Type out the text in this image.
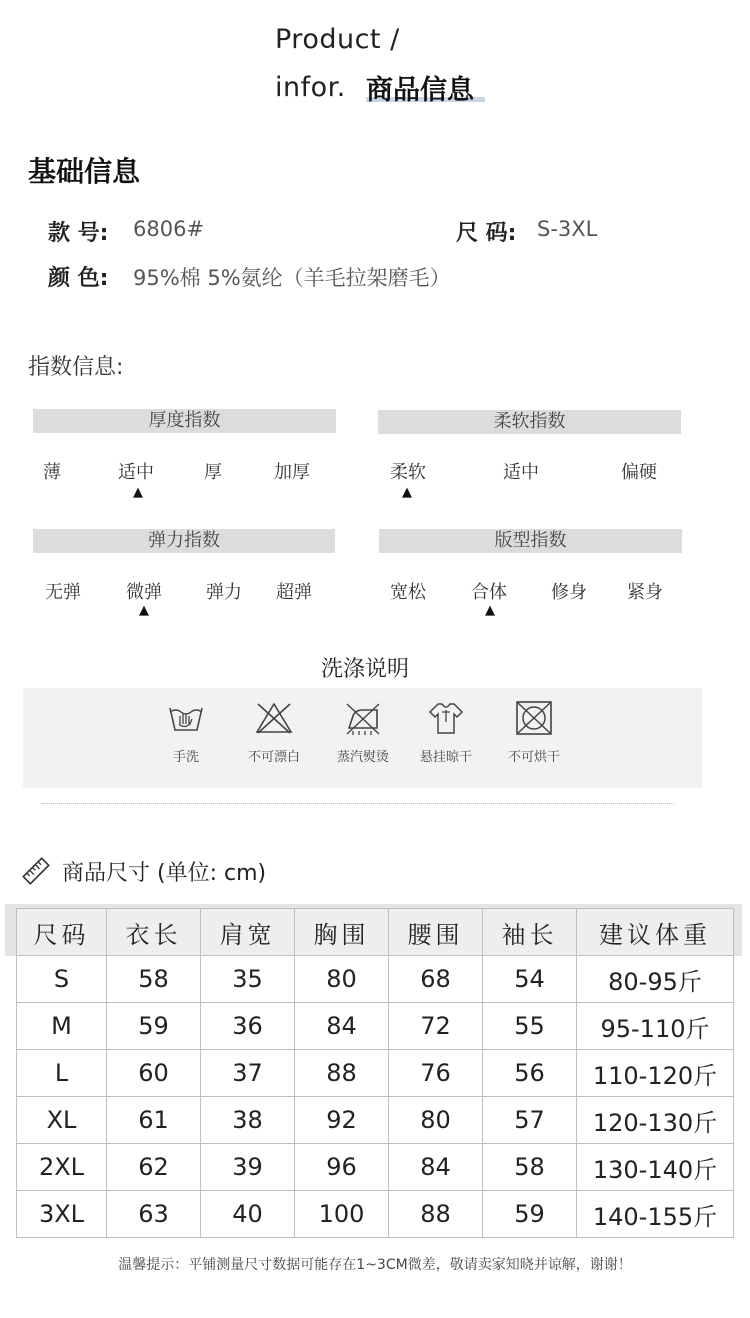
Product /
infor. 商品信息
基础信息
款 号: 6806#	尺 码: S-3XL
颜 色: 95%棉 5%氨纶（羊毛拉架磨毛）
指数信息:
厚度指数
薄	适中	厚	加厚
▲
柔软指数
柔软	适中	偏硬
▲
弹力指数
无弹	微弹 弹力 超弹
▲
版型指数
宽松	合体 修身 紧身
▲
洗涤说明
手洗	不可漂白	蒸汽熨烫	悬挂晾干	不可烘干
商品尺寸 (单位: cm)
尺码	衣长	肩宽	胸围	腰围	袖长	建议体重
S	58	35	80	68	54	80-95斤
M	59	36	84	72	55	95-110斤
L	60	37	88	76	56	110-120斤
XL	61	38	92	80	57	120-130斤
2XL	62	39	96	84	58	130-140斤
3XL	63	40	100	88	59	140-155斤
温馨提示：平铺测量尺寸数据可能存在1~3CM微差，敬请卖家知晓并谅解，谢谢！
